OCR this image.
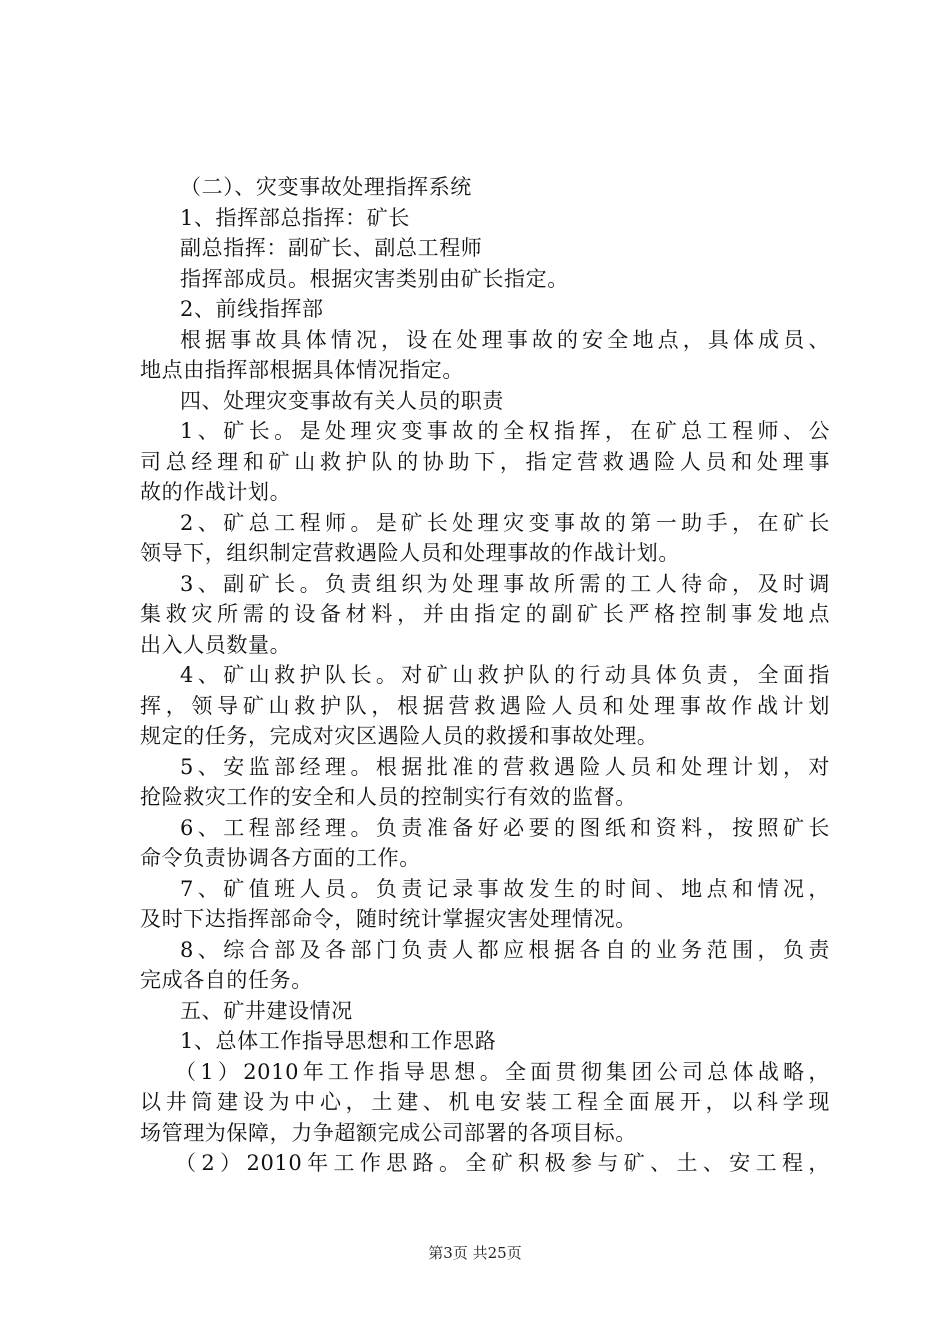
（二）、灾变事故处理指挥系统
1、指挥部总指挥：矿长
副总指挥：副矿长、副总工程师
指挥部成员。根据灾害类别由矿长指定。
2、前线指挥部
根据事故具体情况，设在处理事故的安全地点，具体成员、
地点由指挥部根据具体情况指定。
四、处理灾变事故有关人员的职责
1、矿长。是处理灾变事故的全权指挥，在矿总工程师、公
司总经理和矿山救护队的协助下，指定营救遇险人员和处理事
故的作战计划。
2、矿总工程师。是矿长处理灾变事故的第一助手，在矿长
领导下，组织制定营救遇险人员和处理事故的作战计划。
3、副矿长。负责组织为处理事故所需的工人待命，及时调
集救灾所需的设备材料，并由指定的副矿长严格控制事发地点
出入人员数量。
4、矿山救护队长。对矿山救护队的行动具体负责，全面指
挥，领导矿山救护队，根据营救遇险人员和处理事故作战计划
规定的任务，完成对灾区遇险人员的救援和事故处理。
5、安监部经理。根据批准的营救遇险人员和处理计划，对
抢险救灾工作的安全和人员的控制实行有效的监督。
6、工程部经理。负责准备好必要的图纸和资料，按照矿长
命令负责协调各方面的工作。
7、矿值班人员。负责记录事故发生的时间、地点和情况，
及时下达指挥部命令，随时统计掌握灾害处理情况。
8、综合部及各部门负责人都应根据各自的业务范围，负责
完成各自的任务。
五、矿井建设情况
1、总体工作指导思想和工作思路
（1）2010年工作指导思想。全面贯彻集团公司总体战略，
以井筒建设为中心，土建、机电安装工程全面展开，以科学现
场管理为保障，力争超额完成公司部署的各项目标。
（2）2010年工作思路。全矿积极参与矿、土、安工程，
第3页 共25页
